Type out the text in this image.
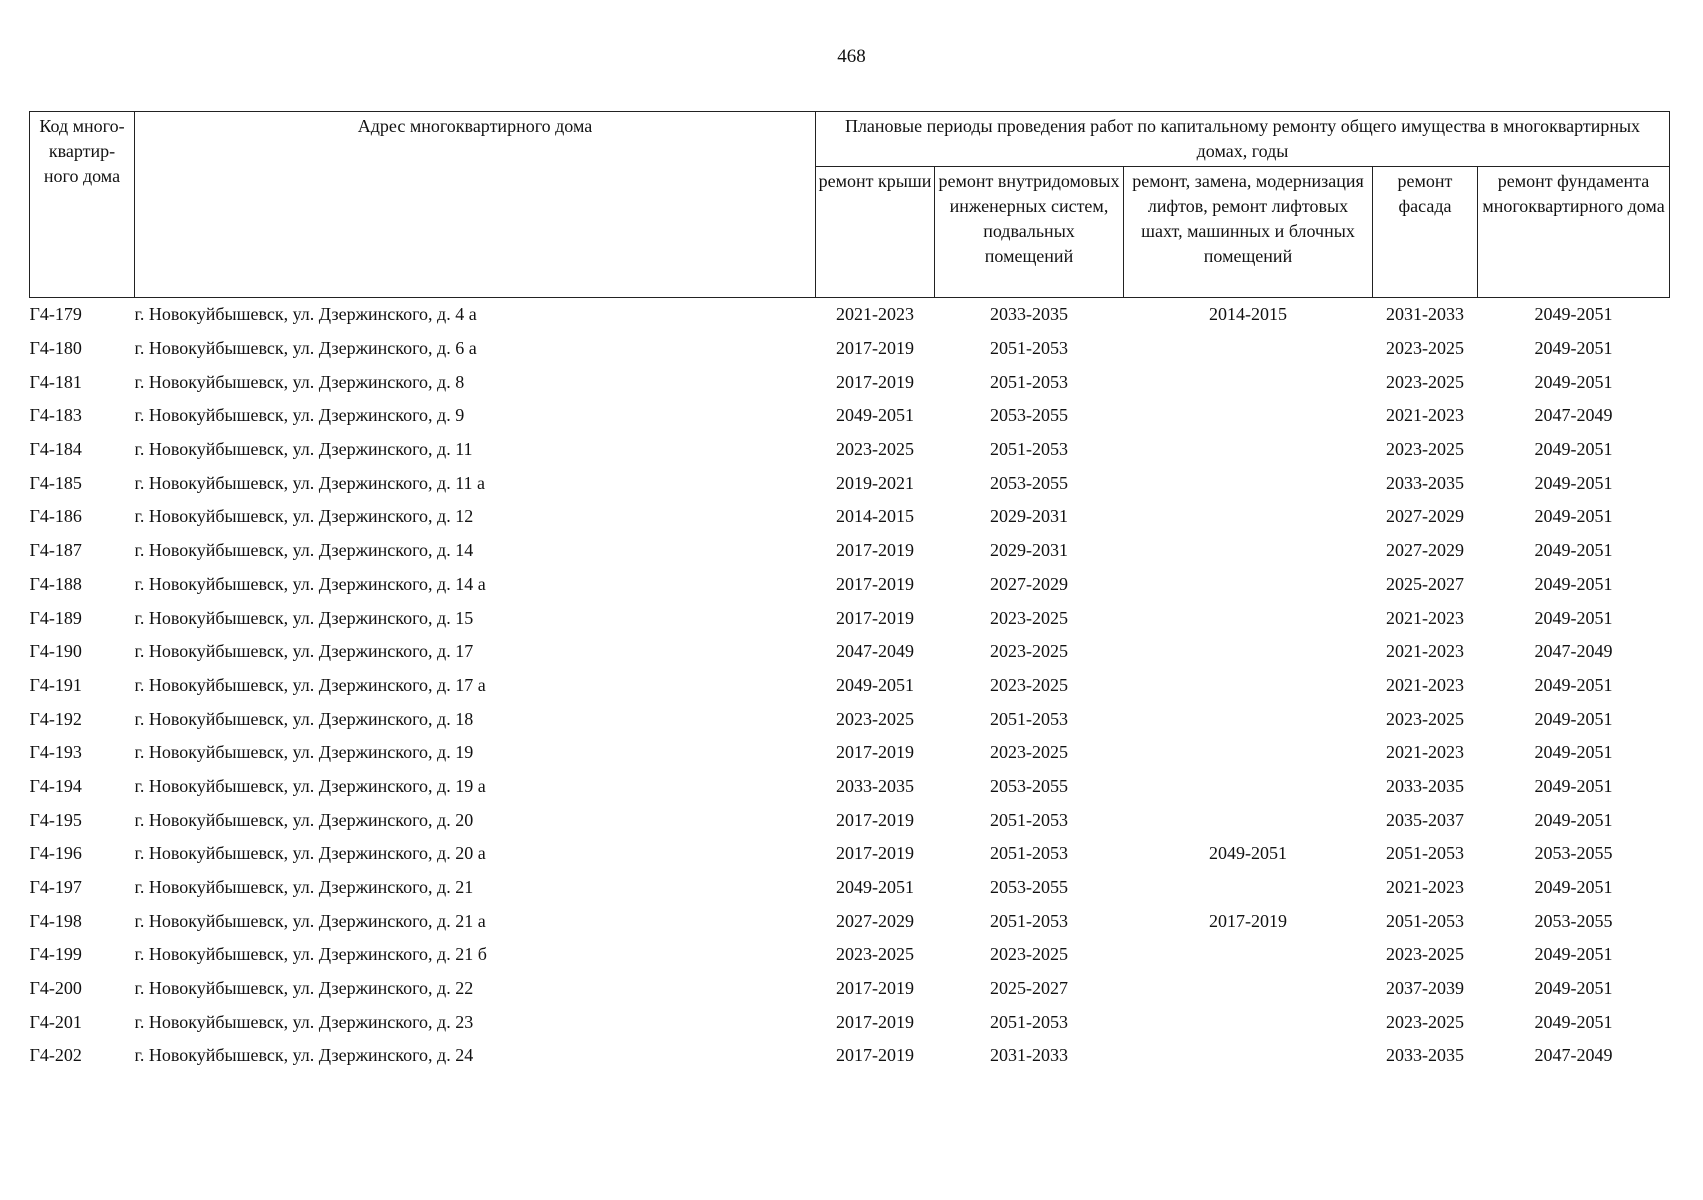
468
Код много-квартир-ного дома	Адрес многоквартирного дома	Плановые периоды проведения работ по капитальному ремонту общего имущества в многоквартирных домах, годы				
		ремонт крыши	ремонт внутридомовых инженерных систем, подвальных помещений	ремонт, замена, модернизация лифтов, ремонт лифтовых шахт, машинных и блочных помещений	ремонт фасада	ремонт фундамента многоквартирного дома
Г4-179	г. Новокуйбышевск, ул. Дзержинского, д. 4 а	2021-2023	2033-2035	2014-2015	2031-2033	2049-2051
Г4-180	г. Новокуйбышевск, ул. Дзержинского, д. 6 а	2017-2019	2051-2053		2023-2025	2049-2051
Г4-181	г. Новокуйбышевск, ул. Дзержинского, д. 8	2017-2019	2051-2053		2023-2025	2049-2051
Г4-183	г. Новокуйбышевск, ул. Дзержинского, д. 9	2049-2051	2053-2055		2021-2023	2047-2049
Г4-184	г. Новокуйбышевск, ул. Дзержинского, д. 11	2023-2025	2051-2053		2023-2025	2049-2051
Г4-185	г. Новокуйбышевск, ул. Дзержинского, д. 11 а	2019-2021	2053-2055		2033-2035	2049-2051
Г4-186	г. Новокуйбышевск, ул. Дзержинского, д. 12	2014-2015	2029-2031		2027-2029	2049-2051
Г4-187	г. Новокуйбышевск, ул. Дзержинского, д. 14	2017-2019	2029-2031		2027-2029	2049-2051
Г4-188	г. Новокуйбышевск, ул. Дзержинского, д. 14 а	2017-2019	2027-2029		2025-2027	2049-2051
Г4-189	г. Новокуйбышевск, ул. Дзержинского, д. 15	2017-2019	2023-2025		2021-2023	2049-2051
Г4-190	г. Новокуйбышевск, ул. Дзержинского, д. 17	2047-2049	2023-2025		2021-2023	2047-2049
Г4-191	г. Новокуйбышевск, ул. Дзержинского, д. 17 а	2049-2051	2023-2025		2021-2023	2049-2051
Г4-192	г. Новокуйбышевск, ул. Дзержинского, д. 18	2023-2025	2051-2053		2023-2025	2049-2051
Г4-193	г. Новокуйбышевск, ул. Дзержинского, д. 19	2017-2019	2023-2025		2021-2023	2049-2051
Г4-194	г. Новокуйбышевск, ул. Дзержинского, д. 19 а	2033-2035	2053-2055		2033-2035	2049-2051
Г4-195	г. Новокуйбышевск, ул. Дзержинского, д. 20	2017-2019	2051-2053		2035-2037	2049-2051
Г4-196	г. Новокуйбышевск, ул. Дзержинского, д. 20 а	2017-2019	2051-2053	2049-2051	2051-2053	2053-2055
Г4-197	г. Новокуйбышевск, ул. Дзержинского, д. 21	2049-2051	2053-2055		2021-2023	2049-2051
Г4-198	г. Новокуйбышевск, ул. Дзержинского, д. 21 а	2027-2029	2051-2053	2017-2019	2051-2053	2053-2055
Г4-199	г. Новокуйбышевск, ул. Дзержинского, д. 21 б	2023-2025	2023-2025		2023-2025	2049-2051
Г4-200	г. Новокуйбышевск, ул. Дзержинского, д. 22	2017-2019	2025-2027		2037-2039	2049-2051
Г4-201	г. Новокуйбышевск, ул. Дзержинского, д. 23	2017-2019	2051-2053		2023-2025	2049-2051
Г4-202	г. Новокуйбышевск, ул. Дзержинского, д. 24	2017-2019	2031-2033		2033-2035	2047-2049
